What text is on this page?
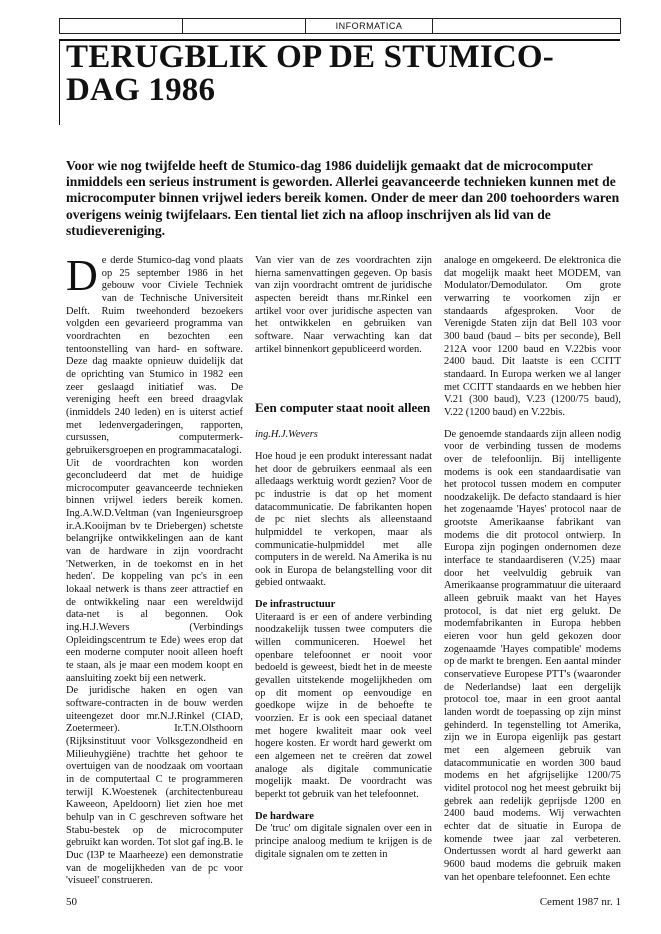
INFORMATICA
TERUGBLIK OP DE STUMICO-DAG 1986

Voor wie nog twijfelde heeft de Stumico-dag 1986 duidelijk gemaakt dat de microcomputer inmiddels een serieus instrument is geworden. Allerlei geavanceerde technieken kunnen met de microcomputer binnen vrijwel ieders bereik komen. Onder de meer dan 200 toehoorders waren overigens weinig twijfelaars. Een tiental liet zich na afloop inschrijven als lid van de studievereniging.

De derde Stumico-dag vond plaats op 25 september 1986 in het gebouw voor Civiele Techniek van de Technische Universiteit Delft. Ruim tweehonderd bezoekers volgden een gevarieerd programma van voordrachten en bezochten een tentoonstelling van hard- en software. Deze dag maakte opnieuw duidelijk dat de oprichting van Stumico in 1982 een zeer geslaagd initiatief was. De vereniging heeft een breed draagvlak (inmiddels 240 leden) en is uiterst actief met ledenvergaderingen, rapporten, cursussen, computermerk-gebruikersgroepen en programmacatalogi.

Uit de voordrachten kon worden geconcludeerd dat met de huidige microcomputer geavanceerde technieken binnen vrijwel ieders bereik komen. Ing.A.W.D.Veltman (van Ingenieursgroep ir.A.Kooijman bv te Driebergen) schetste belangrijke ontwikkelingen aan de kant van de hardware in zijn voordracht 'Netwerken, in de toekomst en in het heden'. De koppeling van pc's in een lokaal netwerk is thans zeer attractief en de ontwikkeling naar een wereldwijd data-net is al begonnen. Ook ing.H.J.Wevers (Verbindings Opleidingscentrum te Ede) wees erop dat een moderne computer nooit alleen hoeft te staan, als je maar een modem koopt en aansluiting zoekt bij een netwerk.

De juridische haken en ogen van software-contracten in de bouw werden uiteengezet door mr.N.J.Rinkel (CIAD, Zoetermeer). Ir.T.N.Olsthoorn (Rijksinstituut voor Volksgezondheid en Milieuhygiëne) trachtte het gehoor te overtuigen van de noodzaak om voortaan in de computertaal C te programmeren terwijl K.Woestenek (architectenbureau Kaweeon, Apeldoorn) liet zien hoe met behulp van in C geschreven software het Stabu-bestek op de microcomputer gebruikt kan worden. Tot slot gaf ing.B. le Duc (I3P te Maarheeze) een demonstratie van de mogelijkheden van de pc voor 'visueel' construeren.

Van vier van de zes voordrachten zijn hierna samenvattingen gegeven. Op basis van zijn voordracht omtrent de juridische aspecten bereidt thans mr.Rinkel een artikel voor over juridische aspecten van het ontwikkelen en gebruiken van software. Naar verwachting kan dat artikel binnenkort gepubliceerd worden.

Een computer staat nooit alleen

ing.H.J.Wevers

Hoe houd je een produkt interessant nadat het door de gebruikers eenmaal als een alledaags werktuig wordt gezien? Voor de pc industrie is dat op het moment datacommunicatie. De fabrikanten hopen de pc niet slechts als alleenstaand hulpmiddel te verkopen, maar als communicatie-hulpmiddel met alle computers in de wereld. Na Amerika is nu ook in Europa de belangstelling voor dit gebied ontwaakt.

De infrastructuur

Uiteraard is er een of andere verbinding noodzakelijk tussen twee computers die willen communiceren. Hoewel het openbare telefoonnet er nooit voor bedoeld is geweest, biedt het in de meeste gevallen uitstekende mogelijkheden om op dit moment op eenvoudige en goedkope wijze in de behoefte te voorzien. Er is ook een speciaal datanet met hogere kwaliteit maar ook veel hogere kosten. Er wordt hard gewerkt om een algemeen net te creëren dat zowel analoge als digitale communicatie mogelijk maakt. De voordracht was beperkt tot gebruik van het telefoonnet.

De hardware

De 'truc' om digitale signalen over een in principe analoog medium te krijgen is de digitale signalen om te zetten in

analoge en omgekeerd. De elektronica die dat mogelijk maakt heet MODEM, van Modulator/Demodulator. Om grote verwarring te voorkomen zijn er standaards afgesproken. Voor de Verenigde Staten zijn dat Bell 103 voor 300 baud (baud – bits per seconde), Bell 212A voor 1200 baud en V.22bis voor 2400 baud. Dit laatste is een CCITT standaard. In Europa werken we al langer met CCITT standaards en we hebben hier V.21 (300 baud), V.23 (1200/75 baud), V.22 (1200 baud) en V.22bis.

De genoemde standaards zijn alleen nodig voor de verbinding tussen de modems over de telefoonlijn. Bij intelligente modems is ook een standaardisatie van het protocol tussen modem en computer noodzakelijk. De defacto standaard is hier het zogenaamde 'Hayes' protocol naar de grootste Amerikaanse fabrikant van modems die dit protocol ontwierp. In Europa zijn pogingen ondernomen deze interface te standaardiseren (V.25) maar door het veelvuldig gebruik van Amerikaanse programmatuur die uiteraard alleen gebruik maakt van het Hayes protocol, is dat niet erg gelukt. De modemfabrikanten in Europa hebben eieren voor hun geld gekozen door zogenaamde 'Hayes compatible' modems op de markt te brengen. Een aantal minder conservatieve Europese PTT's (waaronder de Nederlandse) laat een dergelijk protocol toe, maar in een groot aantal landen wordt de toepassing op zijn minst gehinderd. In tegenstelling tot Amerika, zijn we in Europa eigenlijk pas gestart met een algemeen gebruik van datacommunicatie en worden 300 baud modems en het afgrijselijke 1200/75 viditel protocol nog het meest gebruikt bij gebrek aan redelijk geprijsde 1200 en 2400 baud modems. Wij verwachten echter dat de situatie in Europa de komende twee jaar zal verbeteren. Ondertussen wordt al hard gewerkt aan 9600 baud modems die gebruik maken van het openbare telefoonnet. Een echte

50	Cement 1987 nr. 1
